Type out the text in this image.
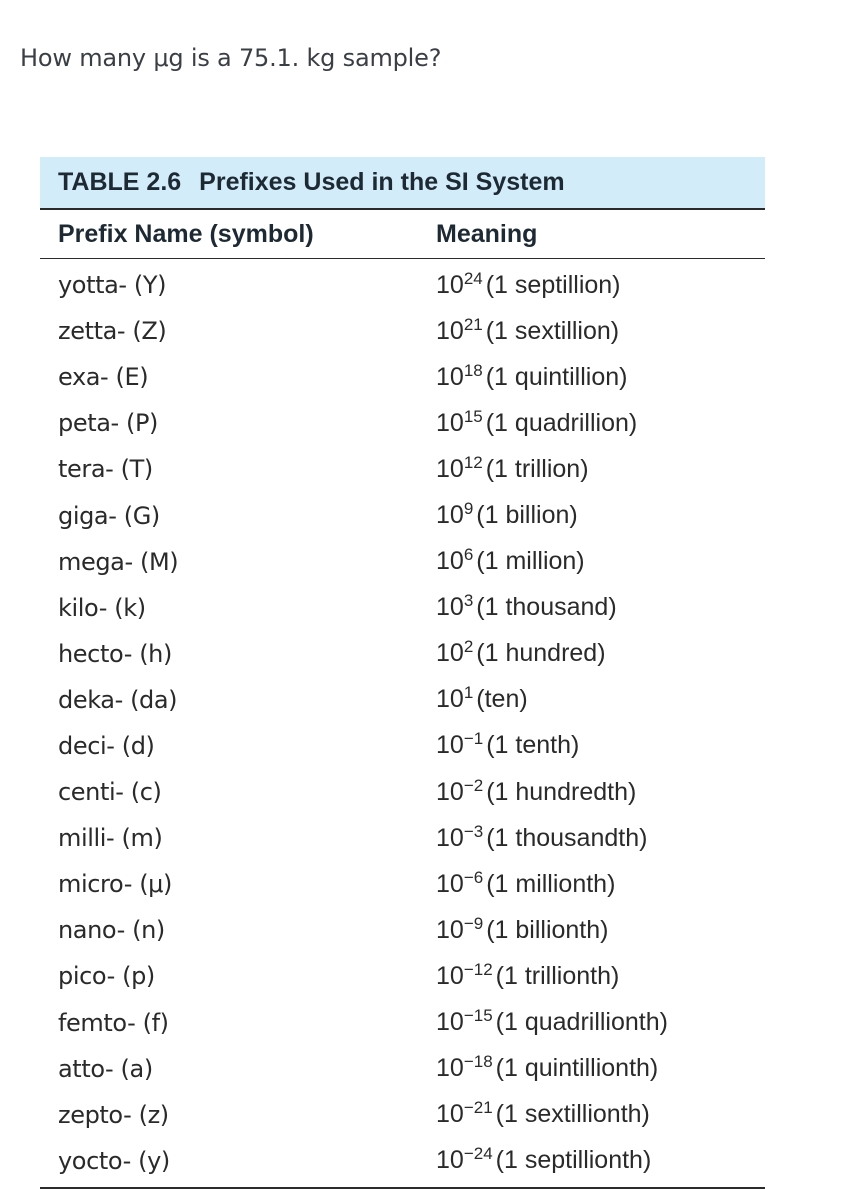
How many μg is a 75.1. kg sample?
TABLE 2.6 Prefixes Used in the SI System
Prefix Name (symbol)	Meaning
yotta- (Y)	$10^{24}$ (1 septillion)
zetta- (Z)	$10^{21}$ (1 sextillion)
exa- (E)	$10^{18}$ (1 quintillion)
peta- (P)	$10^{15}$ (1 quadrillion)
tera- (T)	$10^{12}$ (1 trillion)
giga- (G)	$10^9$ (1 billion)
mega- (M)	$10^6$ (1 million)
kilo- (k)	$10^3$ (1 thousand)
hecto- (h)	$10^2$ (1 hundred)
deka- (da)	$10^1$ (ten)
deci- (d)	$10^{-1}$ (1 tenth)
centi- (c)	$10^{-2}$ (1 hundredth)
milli- (m)	$10^{-3}$ (1 thousandth)
micro- (μ)	$10^{-6}$ (1 millionth)
nano- (n)	$10^{-9}$ (1 billionth)
pico- (p)	$10^{-12}$ (1 trillionth)
femto- (f)	$10^{-15}$ (1 quadrillionth)
atto- (a)	$10^{-18}$ (1 quintillionth)
zepto- (z)	$10^{-21}$ (1 sextillionth)
yocto- (y)	$10^{-24}$ (1 septillionth)
